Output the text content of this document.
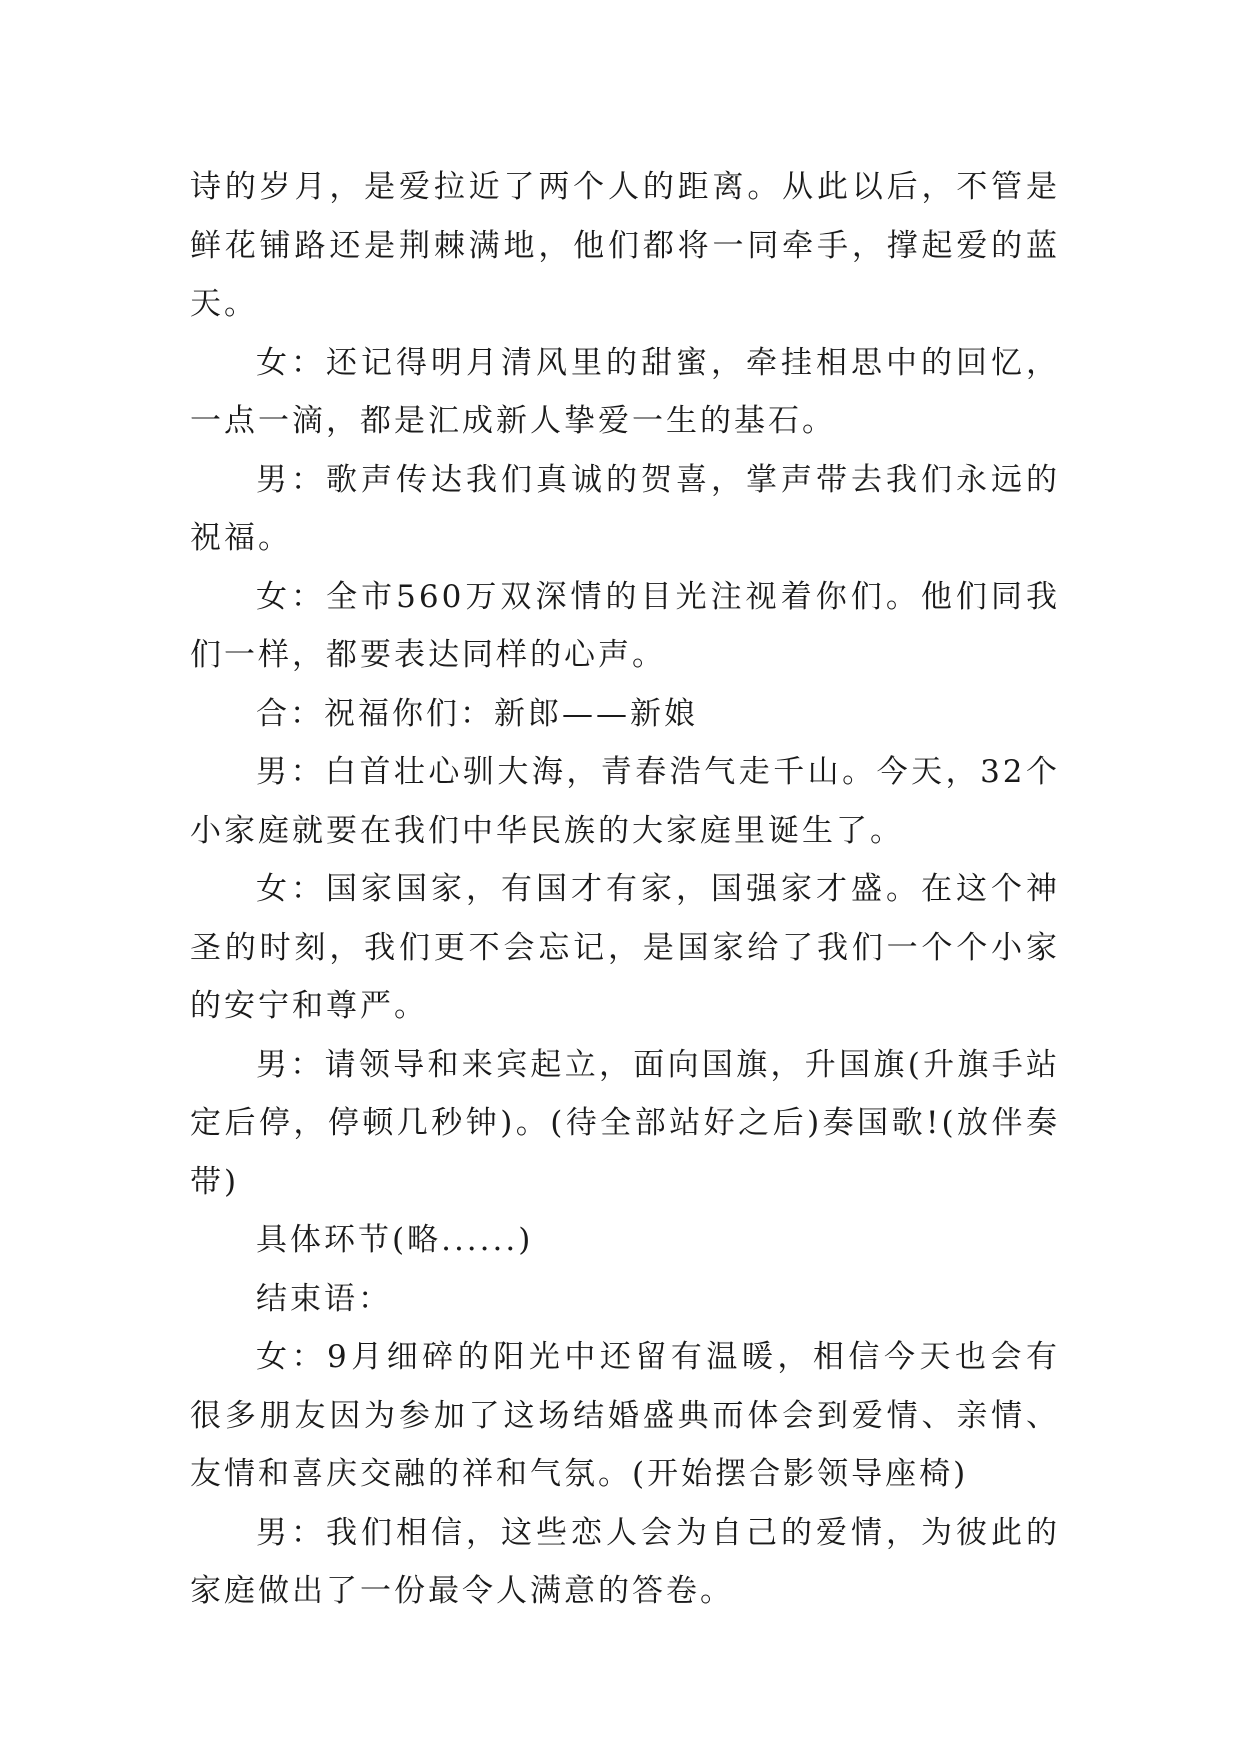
诗的岁月，是爱拉近了两个人的距离。从此以后，不管是鲜花铺路还是荆棘满地，他们都将一同牵手，撑起爱的蓝天。

女：还记得明月清风里的甜蜜，牵挂相思中的回忆，一点一滴，都是汇成新人挚爱一生的基石。

男：歌声传达我们真诚的贺喜，掌声带去我们永远的祝福。

女：全市560万双深情的目光注视着你们。他们同我们一样，都要表达同样的心声。

合：祝福你们：新郎——新娘

男：白首壮心驯大海，青春浩气走千山。今天，32个小家庭就要在我们中华民族的大家庭里诞生了。

女：国家国家，有国才有家，国强家才盛。在这个神圣的时刻，我们更不会忘记，是国家给了我们一个个小家的安宁和尊严。

男：请领导和来宾起立，面向国旗，升国旗(升旗手站定后停，停顿几秒钟)。(待全部站好之后)奏国歌!(放伴奏带)

具体环节(略......)

结束语：

女：9月细碎的阳光中还留有温暖，相信今天也会有很多朋友因为参加了这场结婚盛典而体会到爱情、亲情、友情和喜庆交融的祥和气氛。(开始摆合影领导座椅)

男：我们相信，这些恋人会为自己的爱情，为彼此的家庭做出了一份最令人满意的答卷。
